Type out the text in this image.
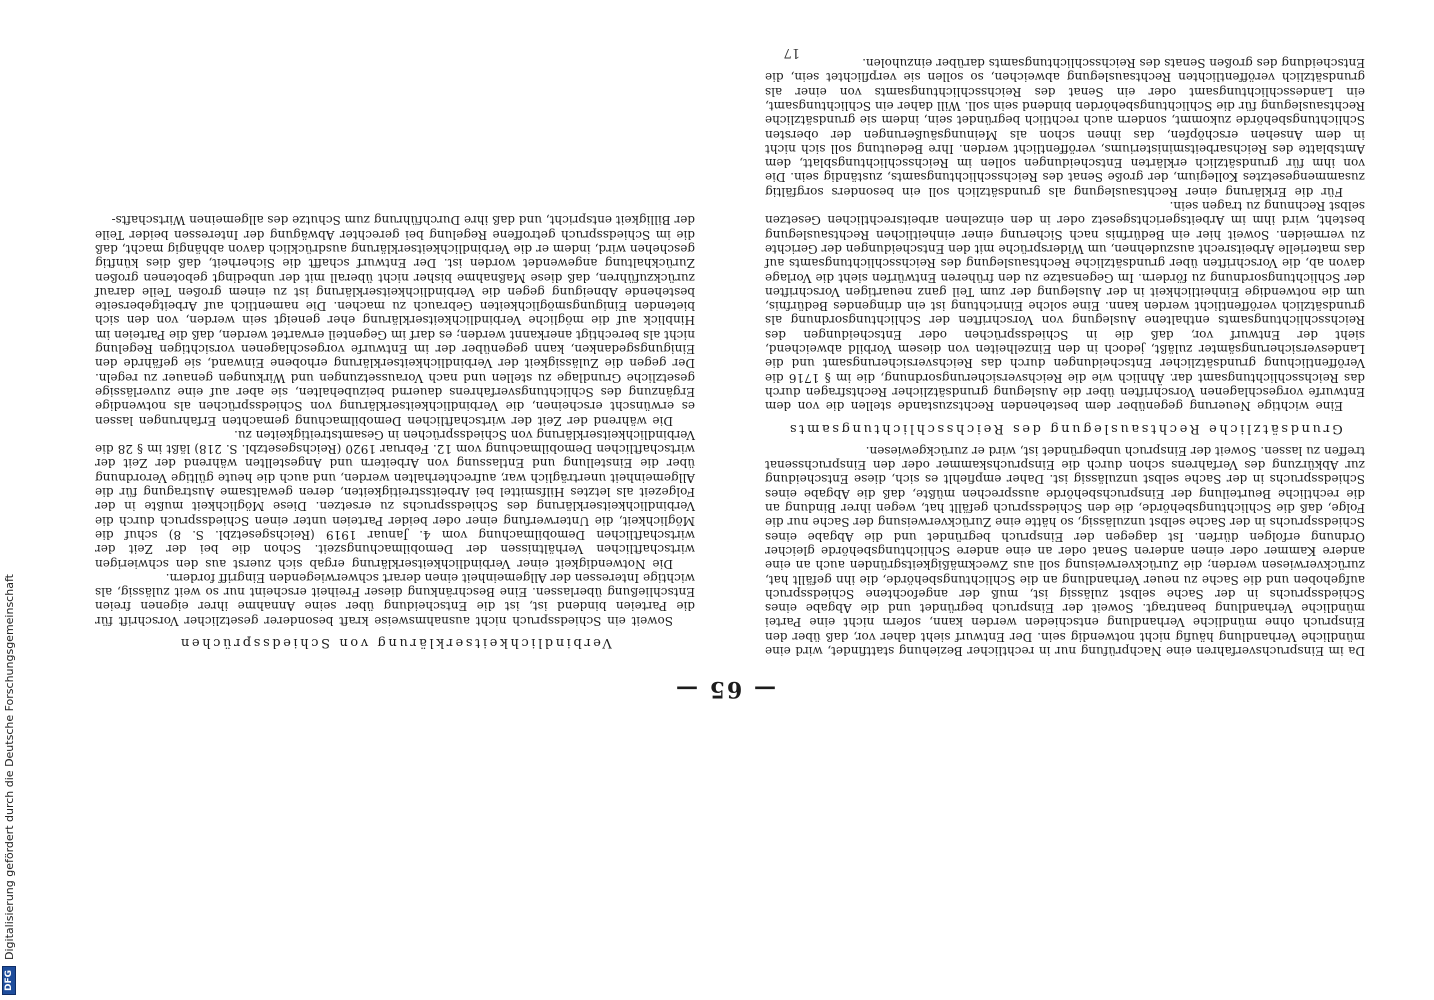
DFG
Digitalisierung gefördert durch die Deutsche Forschungsgemeinschaft	— 65 —

Da im Einspruchsverfahren eine Nachprüfung nur in rechtlicher Beziehung stattfindet, wird eine mündliche Verhandlung häufig nicht notwendig sein. Der Entwurf sieht daher vor, daß über den Einspruch ohne mündliche Verhandlung entschieden werden kann, sofern nicht eine Partei mündliche Verhandlung beantragt. Soweit der Einspruch begründet und die Abgabe eines Schiedsspruchs in der Sache selbst zulässig ist, muß der angefochtene Schiedsspruch aufgehoben und die Sache zu neuer Verhandlung an die Schlichtungsbehörde, die ihn gefällt hat, zurückverwiesen werden; die Zurückverweisung soll aus Zweckmäßigkeitsgründen auch an eine andere Kammer oder einen anderen Senat oder an eine andere Schlichtungsbehörde gleicher Ordnung erfolgen dürfen. Ist dagegen der Einspruch begründet und die Abgabe eines Schiedsspruchs in der Sache selbst unzulässig, so hätte eine Zurückverweisung der Sache nur die Folge, daß die Schlichtungsbehörde, die den Schiedsspruch gefällt hat, wegen ihrer Bindung an die rechtliche Beurteilung der Einspruchsbehörde aussprechen müßte, daß die Abgabe eines Schiedsspruchs in der Sache selbst unzulässig ist. Daher empfiehlt es sich, diese Entscheidung zur Abkürzung des Verfahrens schon durch die Einspruchskammer oder den Einspruchssenat treffen zu lassen. Soweit der Einspruch unbegründet ist, wird er zurückgewiesen.

Grundsätzliche Rechtsauslegung des Reichsschlichtungsamts

Eine wichtige Neuerung gegenüber dem bestehenden Rechtszustande stellen die von dem Entwurfe vorgeschlagenen Vorschriften über die Auslegung grundsätzlicher Rechtsfragen durch das Reichsschlichtungsamt dar. Ähnlich wie die Reichsversicherungsordnung, die im § 1716 die Veröffentlichung grundsätzlicher Entscheidungen durch das Reichsversicherungsamt und die Landesversicherungsämter zuläßt, jedoch in den Einzelheiten von diesem Vorbild abweichend, sieht der Entwurf vor, daß die in Schiedssprüchen oder Entscheidungen des Reichsschlichtungsamts enthaltene Auslegung von Vorschriften der Schlichtungsordnung als grundsätzlich veröffentlicht werden kann. Eine solche Einrichtung ist ein dringendes Bedürfnis, um die notwendige Einheitlichkeit in der Auslegung der zum Teil ganz neuartigen Vorschriften der Schlichtungsordnung zu fördern. Im Gegensatze zu den früheren Entwürfen sieht die Vorlage davon ab, die Vorschriften über grundsätzliche Rechtsauslegung des Reichsschlichtungsamts auf das materielle Arbeitsrecht auszudehnen, um Widersprüche mit den Entscheidungen der Gerichte zu vermeiden. Soweit hier ein Bedürfnis nach Sicherung einer einheitlichen Rechtsauslegung besteht, wird ihm im Arbeitsgerichtsgesetz oder in den einzelnen arbeitsrechtlichen Gesetzen selbst Rechnung zu tragen sein.

Für die Erklärung einer Rechtsauslegung als grundsätzlich soll ein besonders sorgfältig zusammengesetztes Kollegium, der große Senat des Reichsschlichtungsamts, zuständig sein. Die von ihm für grundsätzlich erklärten Entscheidungen sollen im Reichsschlichtungsblatt, dem Amtsblatte des Reichsarbeitsministeriums, veröffentlicht werden. Ihre Bedeutung soll sich nicht in dem Ansehen erschöpfen, das ihnen schon als Meinungsäußerungen der obersten Schlichtungsbehörde zukommt, sondern auch rechtlich begründet sein, indem sie grundsätzliche Rechtsauslegung für die Schlichtungsbehörden bindend sein soll. Will daher ein Schlichtungsamt, ein Landesschlichtungsamt oder ein Senat des Reichsschlichtungsamts von einer als grundsätzlich veröffentlichten Rechtsauslegung abweichen, so sollen sie verpflichtet sein, die Entscheidung des großen Senats des Reichsschlichtungsamts darüber einzuholen.

Verbindlichkeitserklärung von Schiedssprüchen

Soweit ein Schiedsspruch nicht ausnahmsweise kraft besonderer gesetzlicher Vorschrift für die Parteien bindend ist, ist die Entscheidung über seine Annahme ihrer eigenen freien Entschließung überlassen. Eine Beschränkung dieser Freiheit erscheint nur so weit zulässig, als wichtige Interessen der Allgemeinheit einen derart schwerwiegenden Eingriff fordern.

Die Notwendigkeit einer Verbindlichkeitserklärung ergab sich zuerst aus den schwierigen wirtschaftlichen Verhältnissen der Demobilmachungszeit. Schon die bei der Zeit der wirtschaftlichen Demobilmachung vom 4. Januar 1919 (Reichsgesetzbl. S. 8) schuf die Möglichkeit, die Unterwerfung einer oder beider Parteien unter einen Schiedsspruch durch die Verbindlichkeitserklärung des Schiedsspruchs zu ersetzen. Diese Möglichkeit mußte in der Folgezeit als letztes Hilfsmittel bei Arbeitsstreitigkeiten, deren gewaltsame Austragung für die Allgemeinheit unerträglich war, aufrechterhalten werden, und auch die heute gültige Verordnung über die Einstellung und Entlassung von Arbeitern und Angestellten während der Zeit der wirtschaftlichen Demobilmachung vom 12. Februar 1920 (Reichsgesetzbl. S. 218) läßt im § 28 die Verbindlichkeitserklärung von Schiedssprüchen in Gesamtstreitigkeiten zu.

Die während der Zeit der wirtschaftlichen Demobilmachung gemachten Erfahrungen lassen es erwünscht erscheinen, die Verbindlichkeitserklärung von Schiedssprüchen als notwendige Ergänzung des Schlichtungsverfahrens dauernd beizubehalten, sie aber auf eine zuverlässige gesetzliche Grundlage zu stellen und nach Voraussetzungen und Wirkungen genauer zu regeln. Der gegen die Zulässigkeit der Verbindlichkeitserklärung erhobene Einwand, sie gefährde den Einigungsgedanken, kann gegenüber der im Entwurfe vorgeschlagenen vorsichtigen Regelung nicht als berechtigt anerkannt werden; es darf im Gegenteil erwartet werden, daß die Parteien im Hinblick auf die mögliche Verbindlichkeitserklärung eher geneigt sein werden, von den sich bietenden Einigungsmöglichkeiten Gebrauch zu machen. Die namentlich auf Arbeitgeberseite bestehende Abneigung gegen die Verbindlichkeitserklärung ist zu einem großen Teile darauf zurückzuführen, daß diese Maßnahme bisher nicht überall mit der unbedingt gebotenen großen Zurückhaltung angewendet worden ist. Der Entwurf schafft die Sicherheit, daß dies künftig geschehen wird, indem er die Verbindlichkeitserklärung ausdrücklich davon abhängig macht, daß die im Schiedsspruch getroffene Regelung bei gerechter Abwägung der Interessen beider Teile der Billigkeit entspricht, und daß ihre Durchführung zum Schutze des allgemeinen Wirtschafts-

17
